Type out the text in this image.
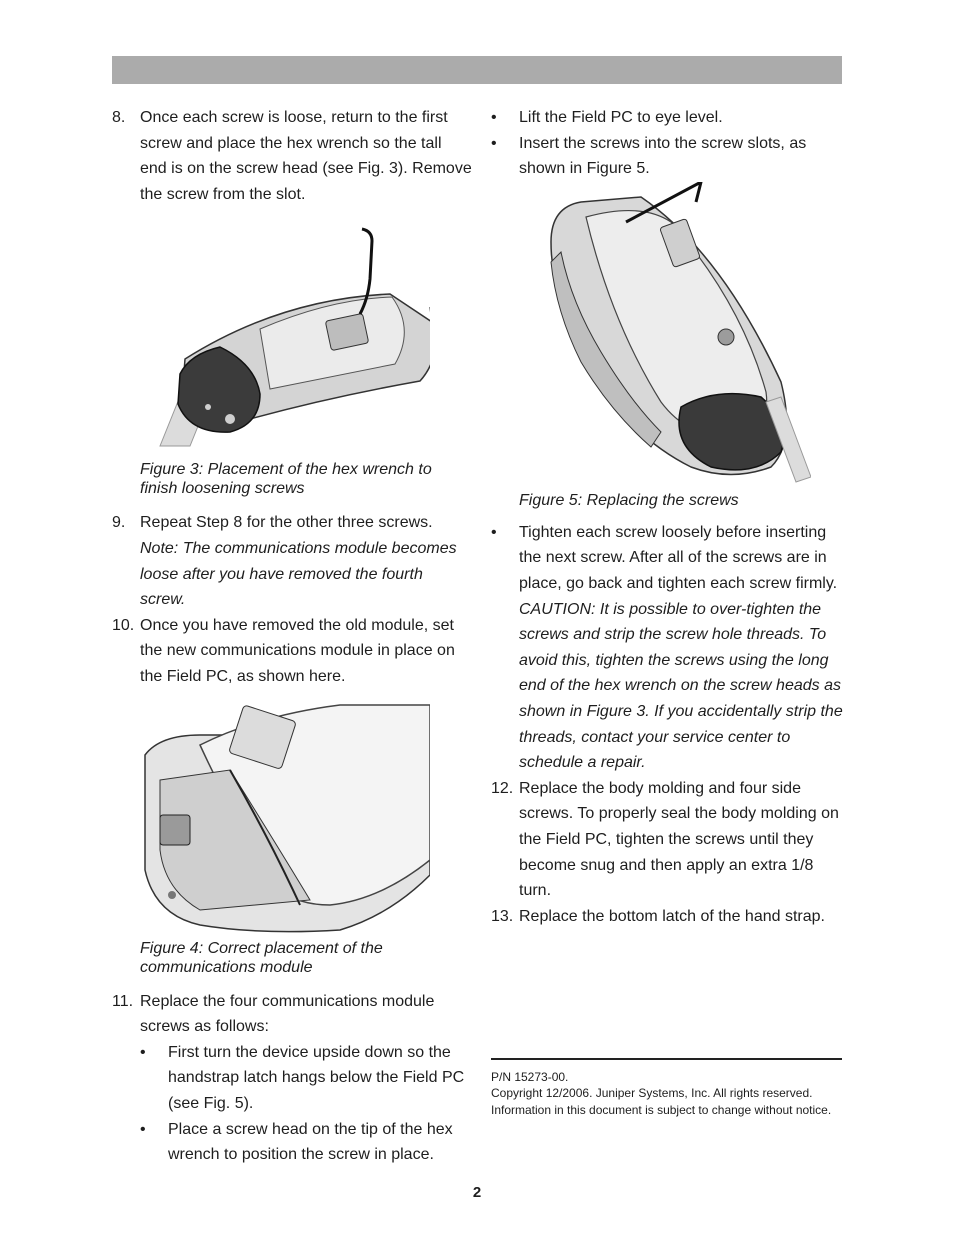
8. Once each screw is loose, return to the first screw and place the hex wrench so the tall end is on the screw head (see Fig. 3). Remove the screw from the slot.
Figure 3: Placement of the hex wrench to finish loosening screws
9. Repeat Step 8 for the other three screws.
Note: The communications module becomes loose after you have removed the fourth screw.
10. Once you have removed the old module, set the new communications module in place on the Field PC, as shown here.
Figure 4: Correct placement of the communications module
11. Replace the four communications module screws as follows:
•	First turn the device upside down so the handstrap latch hangs below the Field PC (see Fig. 5).
•	Place a screw head on the tip of the hex wrench to position the screw in place.
•	Lift the Field PC to eye level.
•	Insert the screws into the screw slots, as shown in Figure 5.
Figure 5: Replacing the screws
•	Tighten each screw loosely before inserting the next screw. After all of the screws are in place, go back and tighten each screw firmly.
CAUTION: It is possible to over-tighten the screws and strip the screw hole threads. To avoid this, tighten the screws using the long end of the hex wrench on the screw heads as shown in Figure 3. If you accidentally strip the threads, contact your service center to schedule a repair.
12. Replace the body molding and four side screws. To properly seal the body molding on the Field PC, tighten the screws until they become snug and then apply an extra 1/8 turn.
13. Replace the bottom latch of the hand strap.
P/N 15273-00.
Copyright 12/2006. Juniper Systems, Inc. All rights reserved. Information in this document is subject to change without notice.
2
